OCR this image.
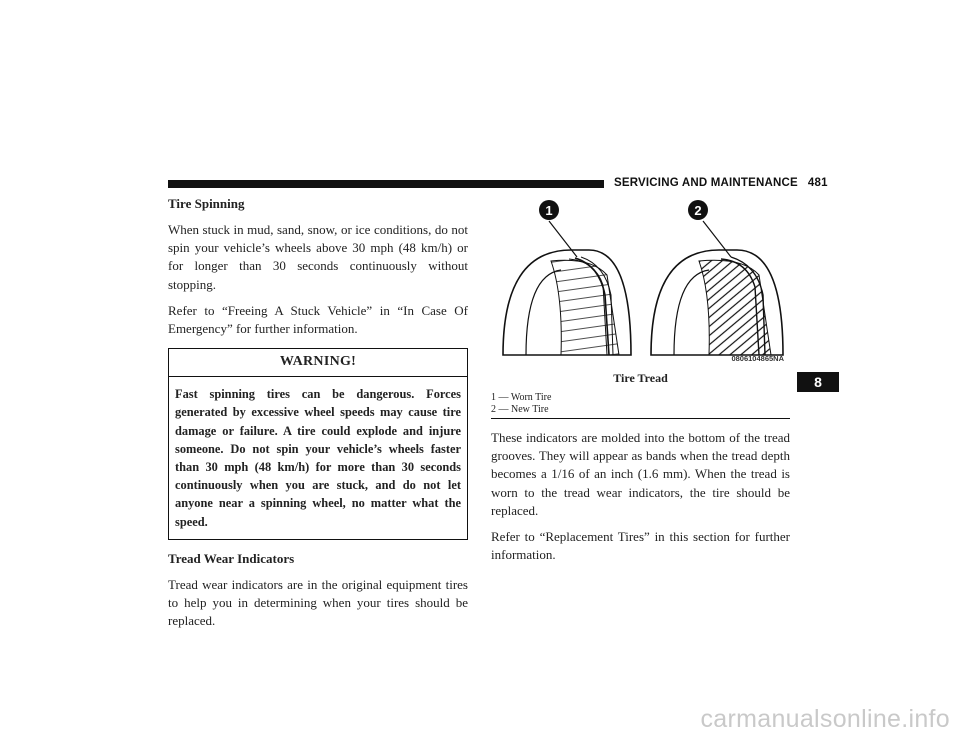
SERVICING AND MAINTENANCE 481
Tire Spinning

When stuck in mud, sand, snow, or ice conditions, do not spin your vehicle’s wheels above 30 mph (48 km/h) or for longer than 30 seconds continuously without stopping.

Refer to “Freeing A Stuck Vehicle” in “In Case Of Emergency” for further information.

WARNING!
Fast spinning tires can be dangerous. Forces generated by excessive wheel speeds may cause tire damage or failure. A tire could explode and injure someone. Do not spin your vehicle’s wheels faster than 30 mph (48 km/h) for more than 30 seconds continuously when you are stuck, and do not let anyone near a spinning wheel, no matter what the speed.
Tread Wear Indicators

Tread wear indicators are in the original equipment tires to help you in determining when your tires should be replaced.

1	2
0806104865NA
Tire Tread
1 — Worn Tire
2 — New Tire

These indicators are molded into the bottom of the tread grooves. They will appear as bands when the tread depth becomes a 1/16 of an inch (1.6 mm). When the tread is worn to the tread wear indicators, the tire should be replaced.

Refer to “Replacement Tires” in this section for further information.

8
carmanualsonline.info
